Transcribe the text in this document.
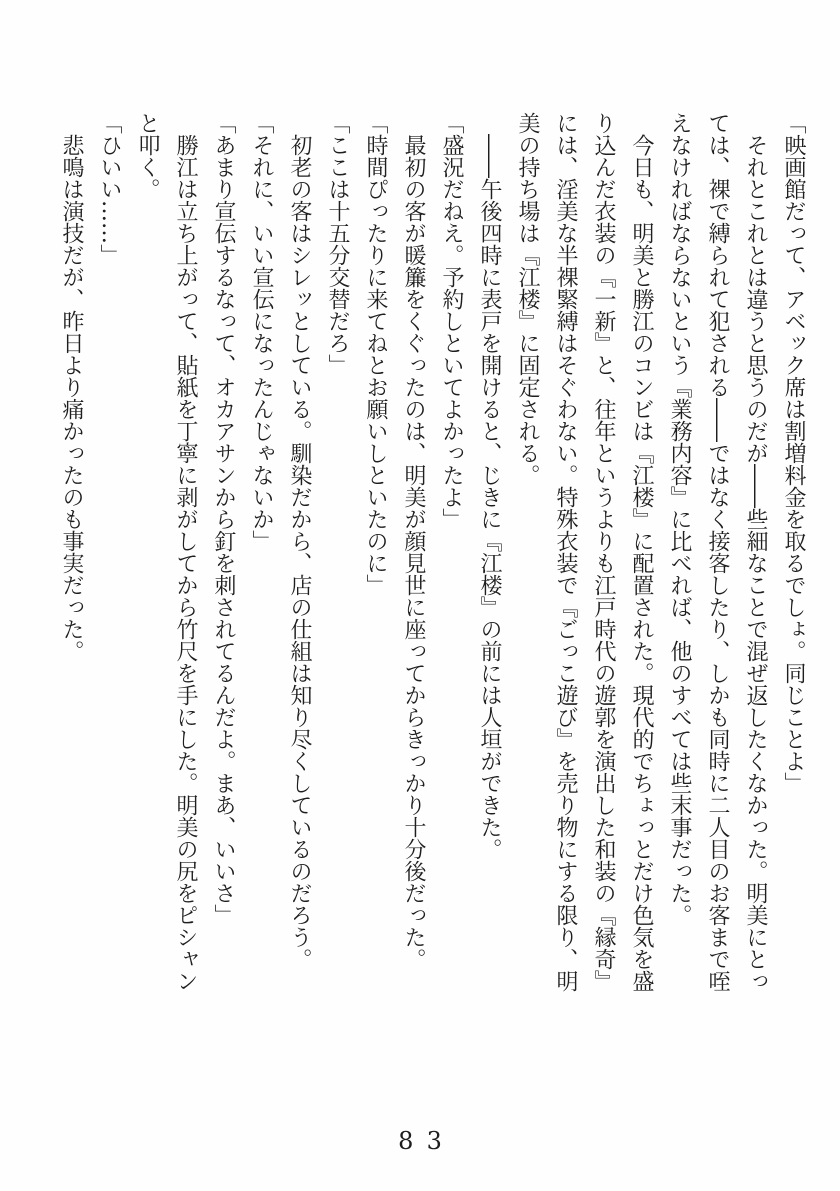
「映画館だって、アベック席は割増料金を取るでしょ。同じことよ」

それとこれとは違うと思うのだが――些細なことで混ぜ返したくなかった。明美にとっては、裸で縛られて犯される――ではなく接客したり、しかも同時に二人目のお客まで咥えなければならないという『業務内容』に比べれば、他のすべては些末事だった。

今日も、明美と勝江のコンビは『江楼』に配置された。現代的でちょっとだけ色気を盛り込んだ衣装の『一新』と、往年というよりも江戸時代の遊郭を演出した和装の『縁奇』には、淫美な半裸緊縛はそぐわない。特殊衣装で『ごっこ遊び』を売り物にする限り、明美の持ち場は『江楼』に固定される。

――午後四時に表戸を開けると、じきに『江楼』の前には人垣ができた。

「盛況だねえ。予約しといてよかったよ」

最初の客が暖簾をくぐったのは、明美が顔見世に座ってからきっかり十分後だった。

「時間ぴったりに来てねとお願いしといたのに」

「ここは十五分交替だろ」

初老の客はシレッとしている。馴染だから、店の仕組は知り尽くしているのだろう。

「それに、いい宣伝になったんじゃないか」

「あまり宣伝するなって、オカアサンから釘を刺されてるんだよ。まあ、いいさ」

勝江は立ち上がって、貼紙を丁寧に剥がしてから竹尺を手にした。明美の尻をピシャンと叩く。

「ひいい……」

悲鳴は演技だが、昨日より痛かったのも事実だった。

83
